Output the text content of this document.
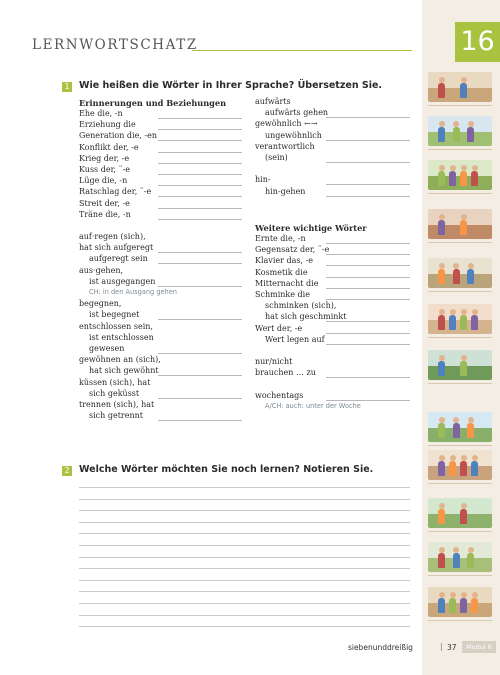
LERNWORTSCHATZ	16
1 Wie heißen die Wörter in Ihrer Sprache? Übersetzen Sie.
Erinnerungen und Beziehungen
Ehe die, -n
Erziehung die
Generation die, -en
Konflikt der, -e
Krieg der, -e
Kuss der, ¨-e
Lüge die, -n
Ratschlag der, ¨-e
Streit der, -e
Träne die, -n
auf·regen (sich),
hat sich aufgeregt
aufgeregt sein
aus·gehen,
ist ausgegangen
CH: in den Ausgang gehen
begegnen,
ist begegnet
entschlossen sein,
ist entschlossen
gewesen
gewöhnen an (sich),
hat sich gewöhnt
küssen (sich), hat
sich geküsst
trennen (sich), hat
sich getrennt
aufwärts
aufwärts gehen
gewöhnlich ←→
ungewöhnlich
verantwortlich
(sein)
hin-
hin-gehen
Weitere wichtige Wörter
Ernte die, -n
Gegensatz der, ¨-e
Klavier das, -e
Kosmetik die
Mitternacht die
Schminke die
schminken (sich),
hat sich geschminkt
Wert der, -e
Wert legen auf
nur/nicht
brauchen … zu
wochentags
A/CH: auch: unter der Woche
2 Welche Wörter möchten Sie noch lernen? Notieren Sie.
siebenunddreißig	| 37	Modul 6
